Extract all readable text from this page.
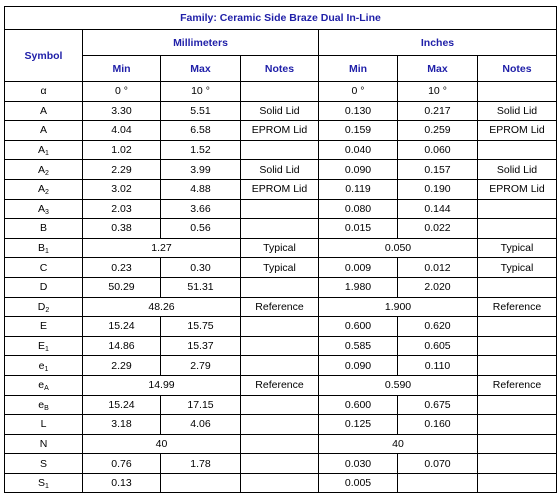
Family: Ceramic Side Braze Dual In-Line						
Symbol	Millimeters			Inches		
	Min	Max	Notes	Min	Max	Notes
α	0 °	10 °		0 °	10 °	
A	3.30	5.51	Solid Lid	0.130	0.217	Solid Lid
A	4.04	6.58	EPROM Lid	0.159	0.259	EPROM Lid
$A_1$	1.02	1.52		0.040	0.060	
$A_2$	2.29	3.99	Solid Lid	0.090	0.157	Solid Lid
$A_2$	3.02	4.88	EPROM Lid	0.119	0.190	EPROM Lid
$A_3$	2.03	3.66		0.080	0.144	
B	0.38	0.56		0.015	0.022	
$B_1$	1.27		Typical	0.050		Typical
C	0.23	0.30	Typical	0.009	0.012	Typical
D	50.29	51.31		1.980	2.020	
$D_2$	48.26		Reference	1.900		Reference
E	15.24	15.75		0.600	0.620	
$E_1$	14.86	15.37		0.585	0.605	
$e_1$	2.29	2.79		0.090	0.110	
$e_A$	14.99		Reference	0.590		Reference
$e_B$	15.24	17.15		0.600	0.675	
L	3.18	4.06		0.125	0.160	
N	40			40		
S	0.76	1.78		0.030	0.070	
$S_1$	0.13			0.005		
